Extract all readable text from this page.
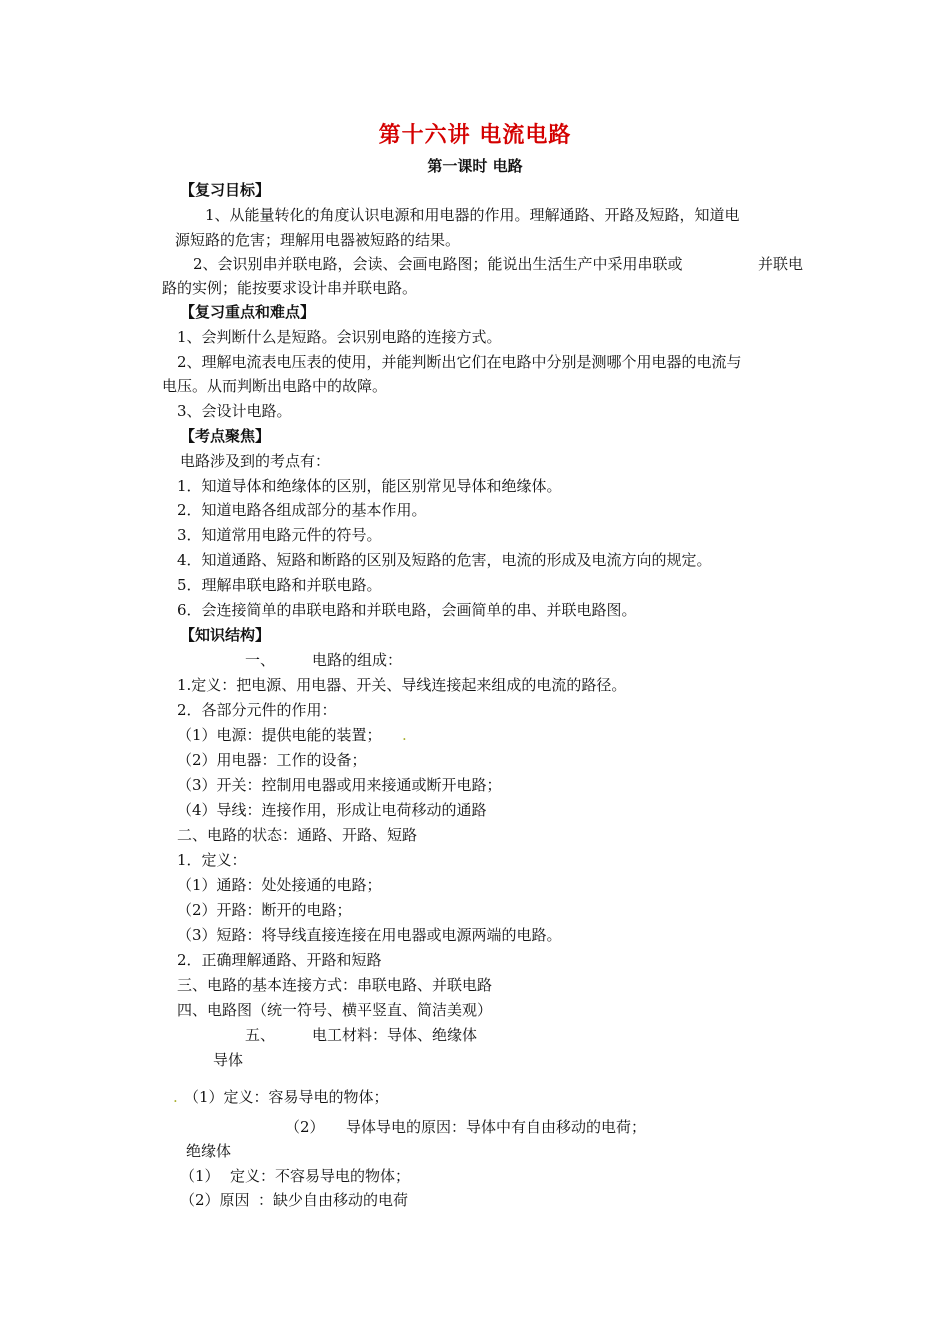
第十六讲 电流电路
第一课时 电路
【复习目标】
1、从能量转化的角度认识电源和用电器的作用。理解通路、开路及短路，知道电
源短路的危害；理解用电器被短路的结果。
2、会识别串并联电路，会读、会画电路图；能说出生活生产中采用串联或	并联电
路的实例；能按要求设计串并联电路。
【复习重点和难点】
1、会判断什么是短路。会识别电路的连接方式。
2、理解电流表电压表的使用，并能判断出它们在电路中分别是测哪个用电器的电流与
电压。从而判断出电路中的故障。
3、会设计电路。
【考点聚焦】
电路涉及到的考点有：
1．知道导体和绝缘体的区别，能区别常见导体和绝缘体。
2．知道电路各组成部分的基本作用。
3．知道常用电路元件的符号。
4．知道通路、短路和断路的区别及短路的危害，电流的形成及电流方向的规定。
5．理解串联电路和并联电路。
6．会连接简单的串联电路和并联电路，会画简单的串、并联电路图。
【知识结构】
一、 电路的组成：
1.定义：把电源、用电器、开关、导线连接起来组成的电流的路径。
2．各部分元件的作用：
（1）电源：提供电能的装置； .
（2）用电器：工作的设备；
（3）开关：控制用电器或用来接通或断开电路；
（4）导线：连接作用，形成让电荷移动的通路
二、电路的状态：通路、开路、短路
1．定义：
（1）通路：处处接通的电路；
（2）开路：断开的电路；
（3）短路：将导线直接连接在用电器或电源两端的电路。
2．正确理解通路、开路和短路
三、电路的基本连接方式：串联电路、并联电路
四、电路图（统一符号、横平竖直、简洁美观）
五、 电工材料：导体、绝缘体
导体
. （1）定义：容易导电的物体；
（2） 导体导电的原因：导体中有自由移动的电荷；
绝缘体
（1） 定义：不容易导电的物体；
（2）原因 ：缺少自由移动的电荷
